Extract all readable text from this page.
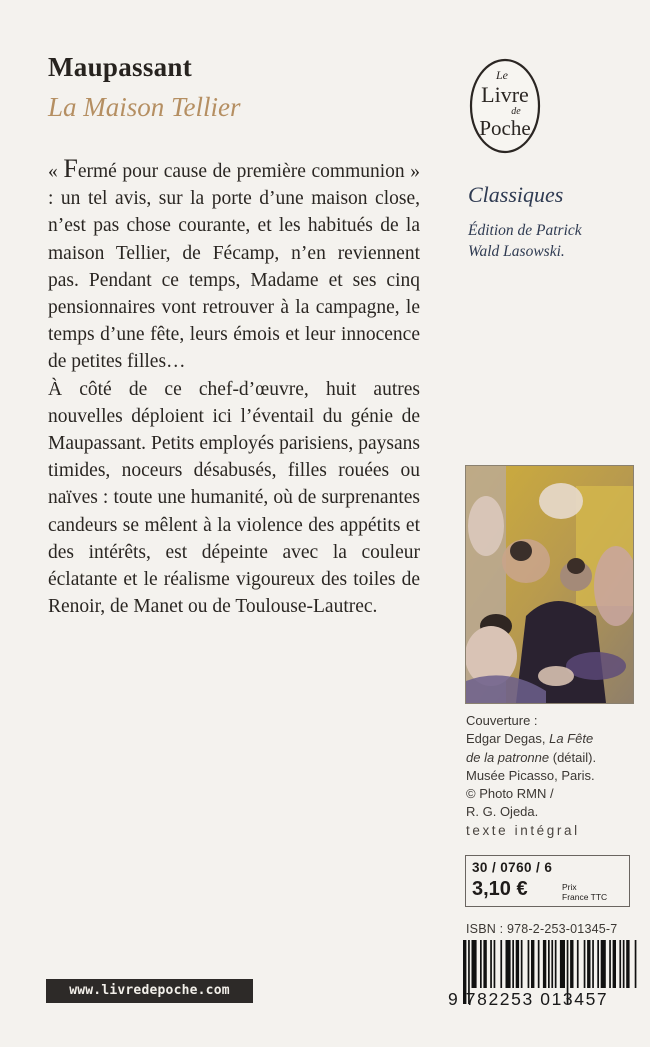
Maupassant
La Maison Tellier

« Fermé pour cause de première communion » : un tel avis, sur la porte d’une maison close, n’est pas chose courante, et les habitués de la maison Tellier, de Fécamp, n’en reviennent pas. Pendant ce temps, Madame et ses cinq pensionnaires vont retrouver à la campagne, le temps d’une fête, leurs émois et leur innocence de petites filles…

À côté de ce chef-d’œuvre, huit autres nouvelles déploient ici l’éventail du génie de Maupassant. Petits employés parisiens, paysans timides, noceurs désabusés, filles rouées ou naïves : toute une humanité, où de surprenantes candeurs se mêlent à la violence des appétits et des intérêts, est dépeinte avec la couleur éclatante et le réalisme vigoureux des toiles de Renoir, de Manet ou de Toulouse-Lautrec.

Le
Livre
de
Poche
Classiques
Édition de Patrick
Wald Lasowski.
Couverture :
Edgar Degas, La Fête
de la patronne (détail).
Musée Picasso, Paris.
© Photo RMN /
R. G. Ojeda.
texte intégral
30 / 0760 / 6
3,10 €	Prix
France TTC
ISBN : 978-2-253-01345-7
9 782253 013457
www.livredepoche.com
